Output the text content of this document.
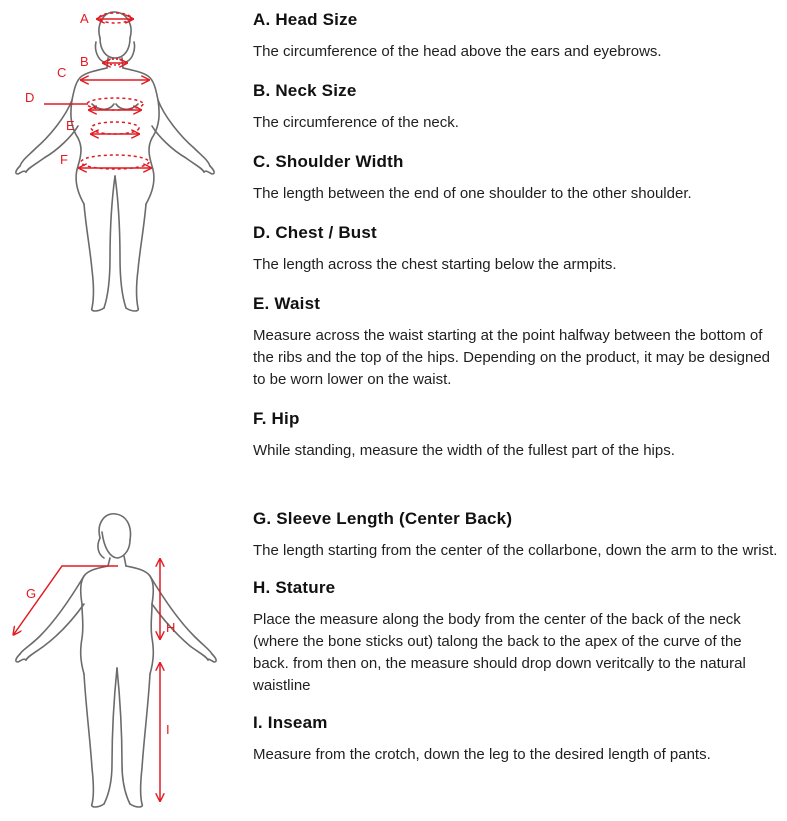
A
B
C
D
E
F
G
H
I
A. Head Size

The circumference of the head above the ears and eyebrows.

B. Neck Size

The circumference of the neck.

C. Shoulder Width

The length between the end of one shoulder to the other shoulder.

D. Chest / Bust

The length across the chest starting below the armpits.

E. Waist

Measure across the waist starting at the point halfway between the bottom of the ribs and the top of the hips. Depending on the product, it may be designed to be worn lower on the waist.

F. Hip

While standing, measure the width of the fullest part of the hips.

G. Sleeve Length (Center Back)

The length starting from the center of the collarbone, down the arm to the wrist.

H. Stature

Place the measure along the body from the center of the back of the neck (where the bone sticks out) talong the back to the apex of the curve of the back. from then on, the measure should drop down veritcally to the natural waistline

I. Inseam

Measure from the crotch, down the leg to the desired length of pants.
